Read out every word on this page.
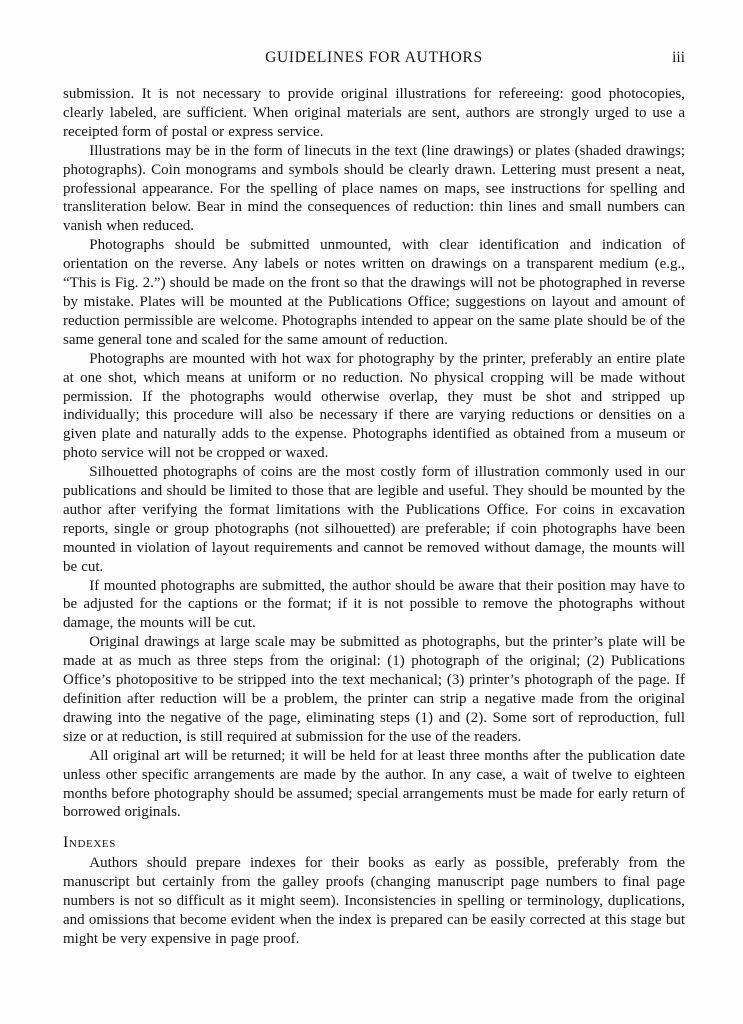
GUIDELINES FOR AUTHORS	iii

submission. It is not necessary to provide original illustrations for refereeing: good photocopies, clearly labeled, are sufficient. When original materials are sent, authors are strongly urged to use a receipted form of postal or express service.

Illustrations may be in the form of linecuts in the text (line drawings) or plates (shaded drawings; photographs). Coin monograms and symbols should be clearly drawn. Lettering must present a neat, professional appearance. For the spelling of place names on maps, see instructions for spelling and transliteration below. Bear in mind the consequences of reduction: thin lines and small numbers can vanish when reduced.

Photographs should be submitted unmounted, with clear identification and indication of orientation on the reverse. Any labels or notes written on drawings on a transparent medium (e.g., “This is Fig. 2.”) should be made on the front so that the drawings will not be photographed in reverse by mistake. Plates will be mounted at the Publications Office; suggestions on layout and amount of reduction permissible are welcome. Photographs intended to appear on the same plate should be of the same general tone and scaled for the same amount of reduction.

Photographs are mounted with hot wax for photography by the printer, preferably an entire plate at one shot, which means at uniform or no reduction. No physical cropping will be made without permission. If the photographs would otherwise overlap, they must be shot and stripped up individually; this procedure will also be necessary if there are varying reductions or densities on a given plate and naturally adds to the expense. Photographs identified as obtained from a museum or photo service will not be cropped or waxed.

Silhouetted photographs of coins are the most costly form of illustration commonly used in our publications and should be limited to those that are legible and useful. They should be mounted by the author after verifying the format limitations with the Publications Office. For coins in excavation reports, single or group photographs (not silhouetted) are preferable; if coin photographs have been mounted in violation of layout requirements and cannot be removed without damage, the mounts will be cut.

If mounted photographs are submitted, the author should be aware that their position may have to be adjusted for the captions or the format; if it is not possible to remove the photographs without damage, the mounts will be cut.

Original drawings at large scale may be submitted as photographs, but the printer’s plate will be made at as much as three steps from the original: (1) photograph of the original; (2) Publications Office’s photopositive to be stripped into the text mechanical; (3) printer’s photograph of the page. If definition after reduction will be a problem, the printer can strip a negative made from the original drawing into the negative of the page, eliminating steps (1) and (2). Some sort of reproduction, full size or at reduction, is still required at submission for the use of the readers.

All original art will be returned; it will be held for at least three months after the publication date unless other specific arrangements are made by the author. In any case, a wait of twelve to eighteen months before photography should be assumed; special arrangements must be made for early return of borrowed originals.

Indexes

Authors should prepare indexes for their books as early as possible, preferably from the manuscript but certainly from the galley proofs (changing manuscript page numbers to final page numbers is not so difficult as it might seem). Inconsistencies in spelling or terminology, duplications, and omissions that become evident when the index is prepared can be easily corrected at this stage but might be very expensive in page proof.
